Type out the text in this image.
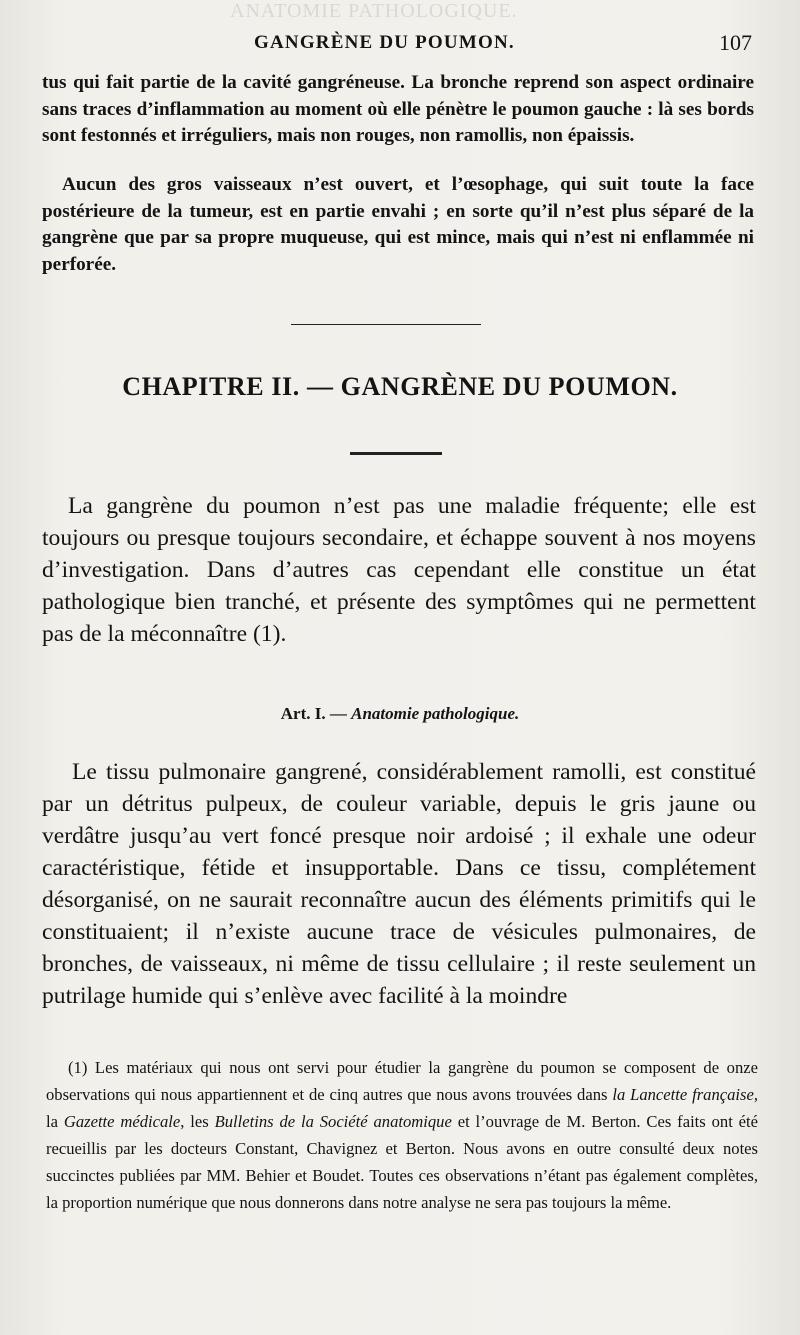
ANATOMIE PATHOLOGIQUE.
GANGRÈNE DU POUMON.	107

tus qui fait partie de la cavité gangréneuse. La bronche reprend son aspect ordinaire sans traces d’inflammation au moment où elle pénètre le poumon gauche : là ses bords sont festonnés et irréguliers, mais non rouges, non ramollis, non épaissis.

Aucun des gros vaisseaux n’est ouvert, et l’œsophage, qui suit toute la face postérieure de la tumeur, est en partie envahi ; en sorte qu’il n’est plus séparé de la gangrène que par sa propre muqueuse, qui est mince, mais qui n’est ni enflammée ni perforée.

CHAPITRE II. — GANGRÈNE DU POUMON.

La gangrène du poumon n’est pas une maladie fréquente; elle est toujours ou presque toujours secondaire, et échappe souvent à nos moyens d’investigation. Dans d’autres cas cependant elle constitue un état pathologique bien tranché, et présente des symptômes qui ne permettent pas de la méconnaître (1).

Art. I. — Anatomie pathologique.

Le tissu pulmonaire gangrené, considérablement ramolli, est constitué par un détritus pulpeux, de couleur variable, depuis le gris jaune ou verdâtre jusqu’au vert foncé presque noir ardoisé ; il exhale une odeur caractéristique, fétide et insupportable. Dans ce tissu, complétement désorganisé, on ne saurait reconnaître aucun des éléments primitifs qui le constituaient; il n’existe aucune trace de vésicules pulmonaires, de bronches, de vaisseaux, ni même de tissu cellulaire ; il reste seulement un putrilage humide qui s’enlève avec facilité à la moindre

(1) Les matériaux qui nous ont servi pour étudier la gangrène du poumon se composent de onze observations qui nous appartiennent et de cinq autres que nous avons trouvées dans la Lancette française, la Gazette médicale, les Bulletins de la Société anatomique et l’ouvrage de M. Berton. Ces faits ont été recueillis par les docteurs Constant, Chavignez et Berton. Nous avons en outre consulté deux notes succinctes publiées par MM. Behier et Boudet. Toutes ces observations n’étant pas également complètes, la proportion numérique que nous donnerons dans notre analyse ne sera pas toujours la même.
